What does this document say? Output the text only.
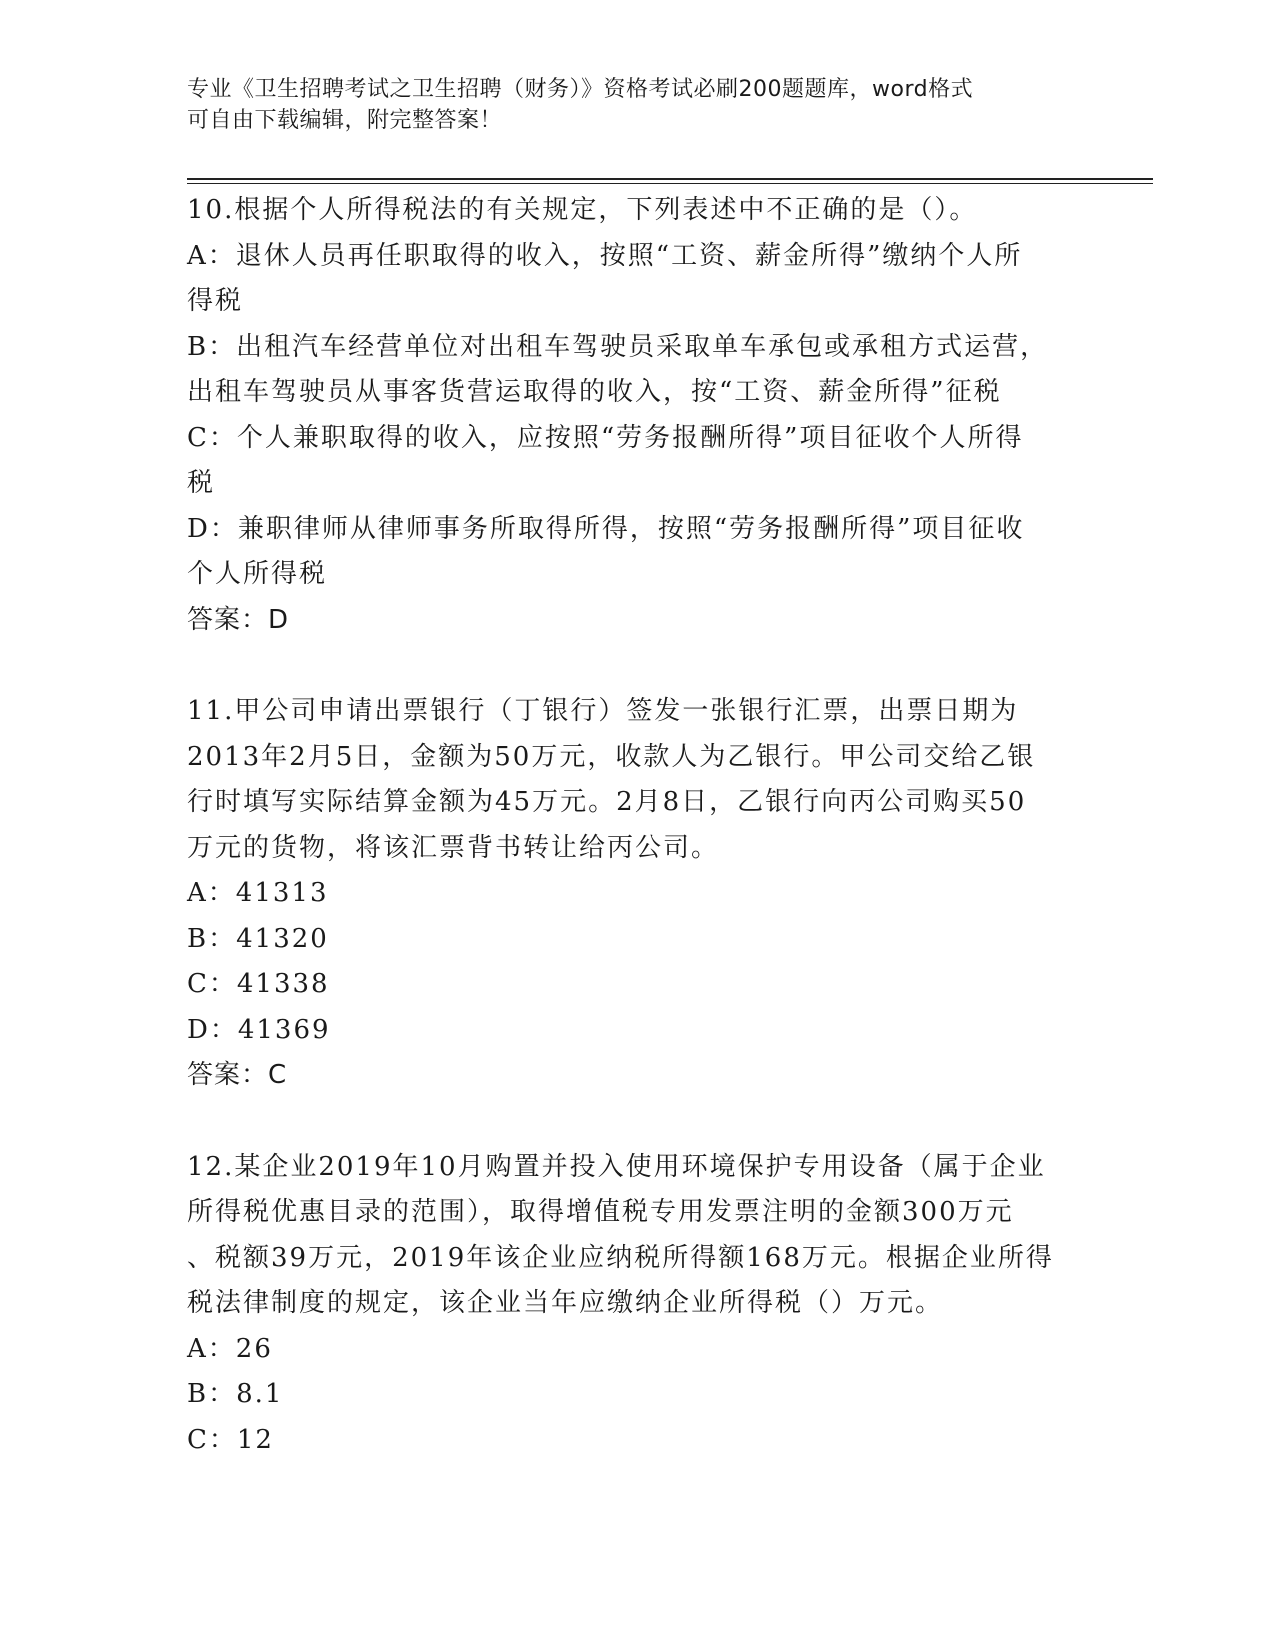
专业《卫生招聘考试之卫生招聘（财务）》资格考试必刷200题题库，word格式
可自由下载编辑，附完整答案！
10.根据个人所得税法的有关规定，下列表述中不正确的是（）。
A：退休人员再任职取得的收入，按照“工资、薪金所得”缴纳个人所
得税
B：出租汽车经营单位对出租车驾驶员采取单车承包或承租方式运营，
出租车驾驶员从事客货营运取得的收入，按“工资、薪金所得”征税
C：个人兼职取得的收入，应按照“劳务报酬所得”项目征收个人所得
税
D：兼职律师从律师事务所取得所得，按照“劳务报酬所得”项目征收
个人所得税
答案：D
11.甲公司申请出票银行（丁银行）签发一张银行汇票，出票日期为
2013年2月5日，金额为50万元，收款人为乙银行。甲公司交给乙银
行时填写实际结算金额为45万元。2月8日，乙银行向丙公司购买50
万元的货物，将该汇票背书转让给丙公司。
A：41313
B：41320
C：41338
D：41369
答案：C
12.某企业2019年10月购置并投入使用环境保护专用设备（属于企业
所得税优惠目录的范围），取得增值税专用发票注明的金额300万元
、税额39万元，2019年该企业应纳税所得额168万元。根据企业所得
税法律制度的规定，该企业当年应缴纳企业所得税（）万元。
A：26
B：8.1
C：12
